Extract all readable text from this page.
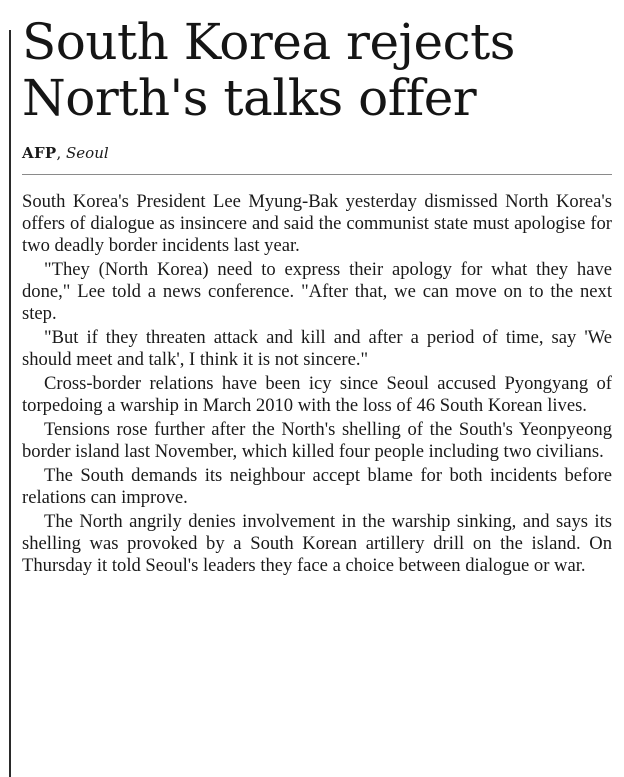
South Korea rejects
North's talks offer
AFP, Seoul

South Korea's President Lee Myung-Bak yesterday dismissed North Korea's offers of dialogue as insincere and said the communist state must apologise for two deadly border incidents last year.

"They (North Korea) need to express their apology for what they have done," Lee told a news conference. "After that, we can move on to the next step.

"But if they threaten attack and kill and after a period of time, say 'We should meet and talk', I think it is not sincere."

Cross-border relations have been icy since Seoul accused Pyongyang of torpedoing a warship in March 2010 with the loss of 46 South Korean lives.

Tensions rose further after the North's shelling of the South's Yeonpyeong border island last November, which killed four people including two civilians.

The South demands its neighbour accept blame for both incidents before relations can improve.

The North angrily denies involvement in the warship sinking, and says its shelling was provoked by a South Korean artillery drill on the island. On Thursday it told Seoul's leaders they face a choice between dialogue or war.
